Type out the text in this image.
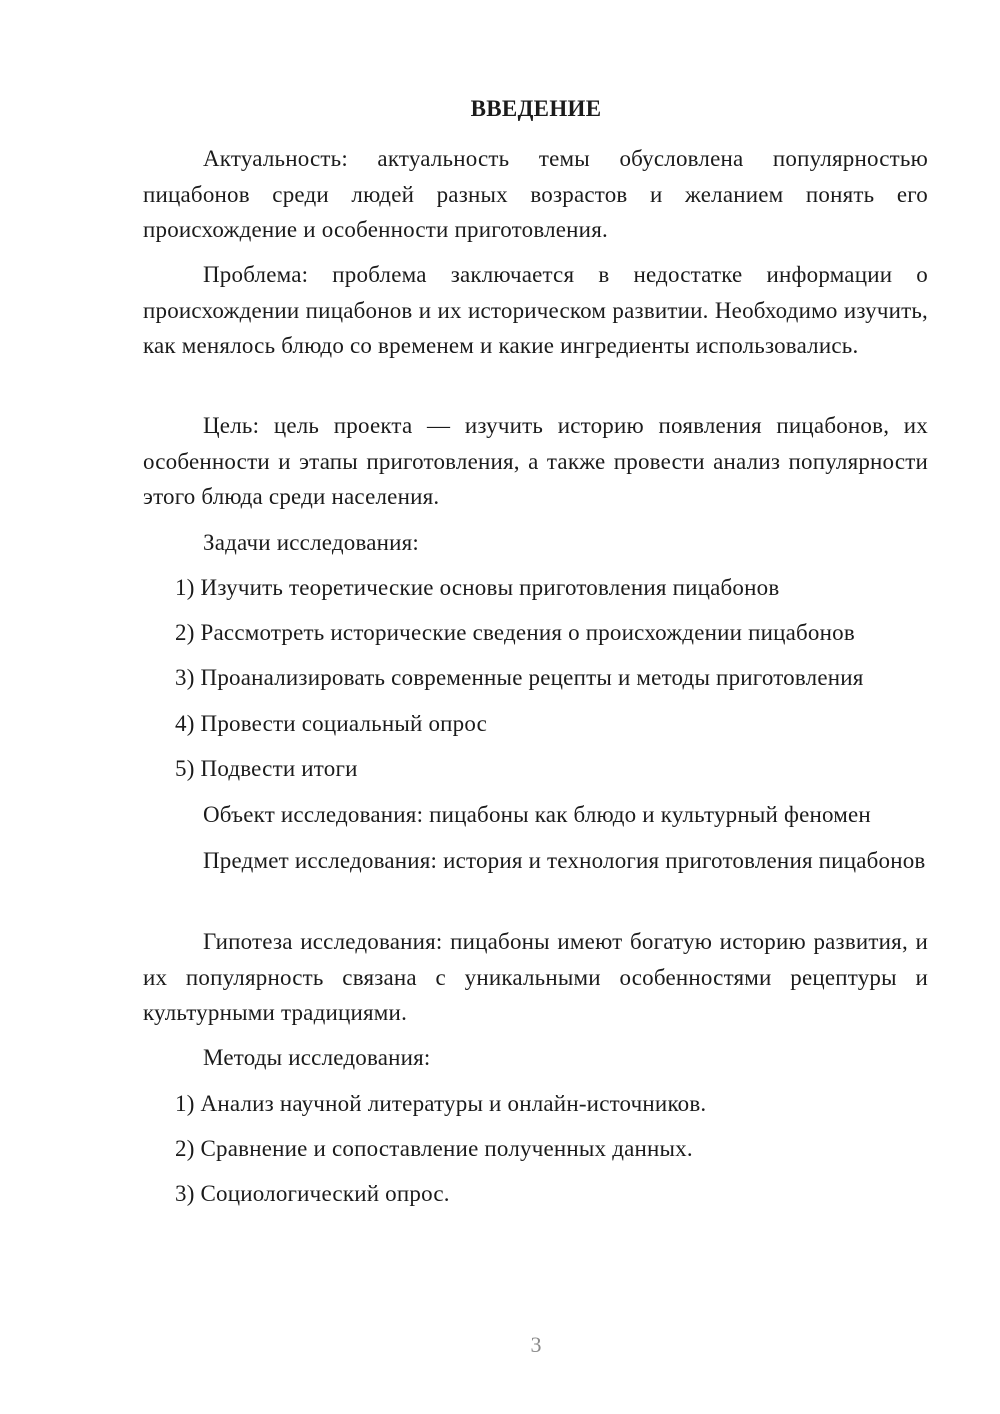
ВВЕДЕНИЕ

Актуальность: актуальность темы обусловлена популярностью пицабонов среди людей разных возрастов и желанием понять его происхождение и особенности приготовления.

Проблема: проблема заключается в недостатке информации о происхождении пицабонов и их историческом развитии. Необходимо изучить, как менялось блюдо со временем и какие ингредиенты использовались.

Цель: цель проекта — изучить историю появления пицабонов, их особенности и этапы приготовления, а также провести анализ популярности этого блюда среди населения.

Задачи исследования:

1) Изучить теоретические основы приготовления пицабонов

2) Рассмотреть исторические сведения о происхождении пицабонов

3) Проанализировать современные рецепты и методы приготовления

4) Провести социальный опрос

5) Подвести итоги

Объект исследования: пицабоны как блюдо и культурный феномен

Предмет исследования: история и технология приготовления пицабонов

Гипотеза исследования: пицабоны имеют богатую историю развития, и их популярность связана с уникальными особенностями рецептуры и культурными традициями.

Методы исследования:

1) Анализ научной литературы и онлайн-источников.

2) Сравнение и сопоставление полученных данных.

3) Социологический опрос.

3
